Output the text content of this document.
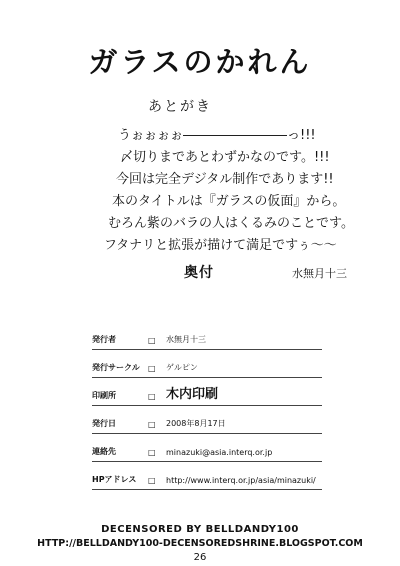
ガラスのかれん
あとがき
うぉぉぉぉ――――――――っ!!!
〆切りまであとわずかなのです。!!!
今回は完全デジタル制作であります!!
本のタイトルは『ガラスの仮面』から。
むろん紫のバラの人はくるみのことです。
フタナリと拡張が描けて満足ですぅ〜〜
水無月十三
奥付
発行者	□ 水無月十三
発行サークル □ ゲルピン
印刷所	□ 木内印刷
発行日	□ 2008年8月17日
連絡先	□ minazuki@asia.interq.or.jp
HPアドレス □ http://www.interq.or.jp/asia/minazuki/
DECENSORED BY BELLDANDY100
HTTP://BELLDANDY100-DECENSOREDSHRINE.BLOGSPOT.COM
26
